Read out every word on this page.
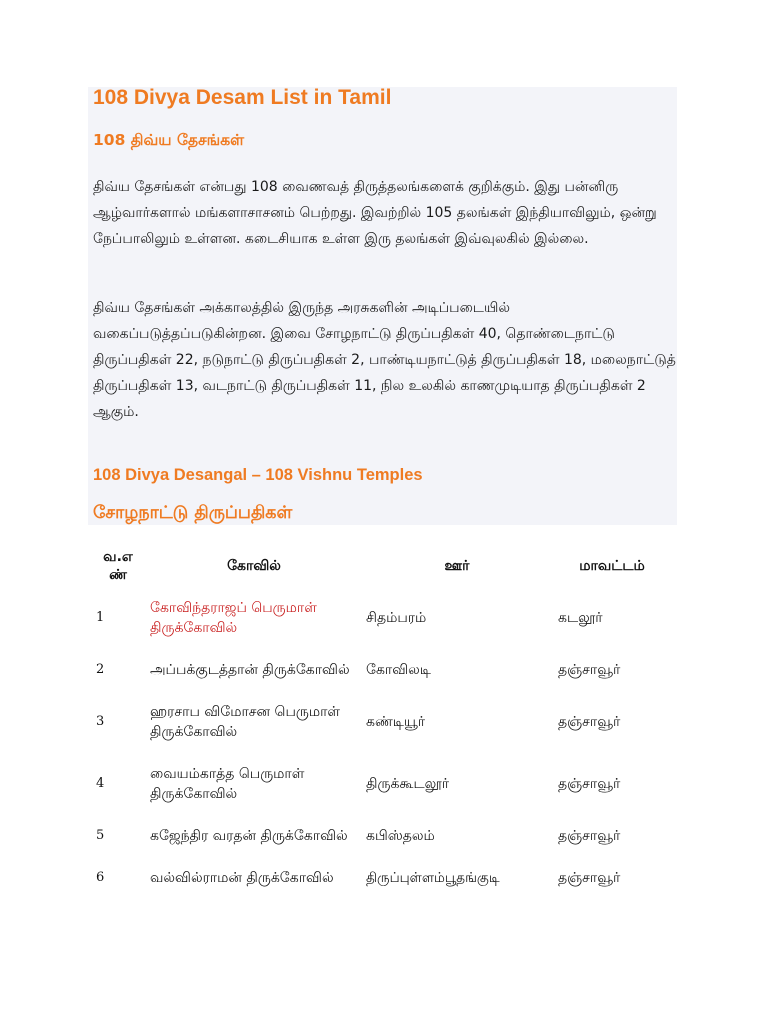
108 Divya Desam List in Tamil
108 திவ்ய தேசங்கள்

திவ்ய தேசங்கள் என்பது 108 வைணவத் திருத்தலங்களைக் குறிக்கும். இது பன்னிரு ஆழ்வார்களால் மங்களாசாசனம் பெற்றது. இவற்றில் 105 தலங்கள் இந்தியாவிலும், ஒன்று நேப்பாலிலும் உள்ளன. கடைசியாக உள்ள இரு தலங்கள் இவ்வுலகில் இல்லை.

திவ்ய தேசங்கள் அக்காலத்தில் இருந்த அரசுகளின் அடிப்படையில் வகைப்படுத்தப்படுகின்றன. இவை சோழநாட்டு திருப்பதிகள் 40, தொண்டைநாட்டு திருப்பதிகள் 22, நடுநாட்டு திருப்பதிகள் 2, பாண்டியநாட்டுத் திருப்பதிகள் 18, மலைநாட்டுத் திருப்பதிகள் 13, வடநாட்டு திருப்பதிகள் 11, நில உலகில் காணமுடியாத திருப்பதிகள் 2 ஆகும்.

108 Divya Desangal – 108 Vishnu Temples
சோழநாட்டு திருப்பதிகள்
வ.எண்	கோவில்	ஊர்	மாவட்டம்
1	கோவிந்தராஜப் பெருமாள் திருக்கோவில்	சிதம்பரம்	கடலூர்
2	அப்பக்குடத்தான் திருக்கோவில்	கோவிலடி	தஞ்சாவூர்
3	ஹரசாப விமோசன பெருமாள் திருக்கோவில்	கண்டியூர்	தஞ்சாவூர்
4	வையம்காத்த பெருமாள் திருக்கோவில்	திருக்கூடலூர்	தஞ்சாவூர்
5	கஜேந்திர வரதன் திருக்கோவில்	கபிஸ்தலம்	தஞ்சாவூர்
6	வல்வில்ராமன் திருக்கோவில்	திருப்புள்ளம்பூதங்குடி	தஞ்சாவூர்
